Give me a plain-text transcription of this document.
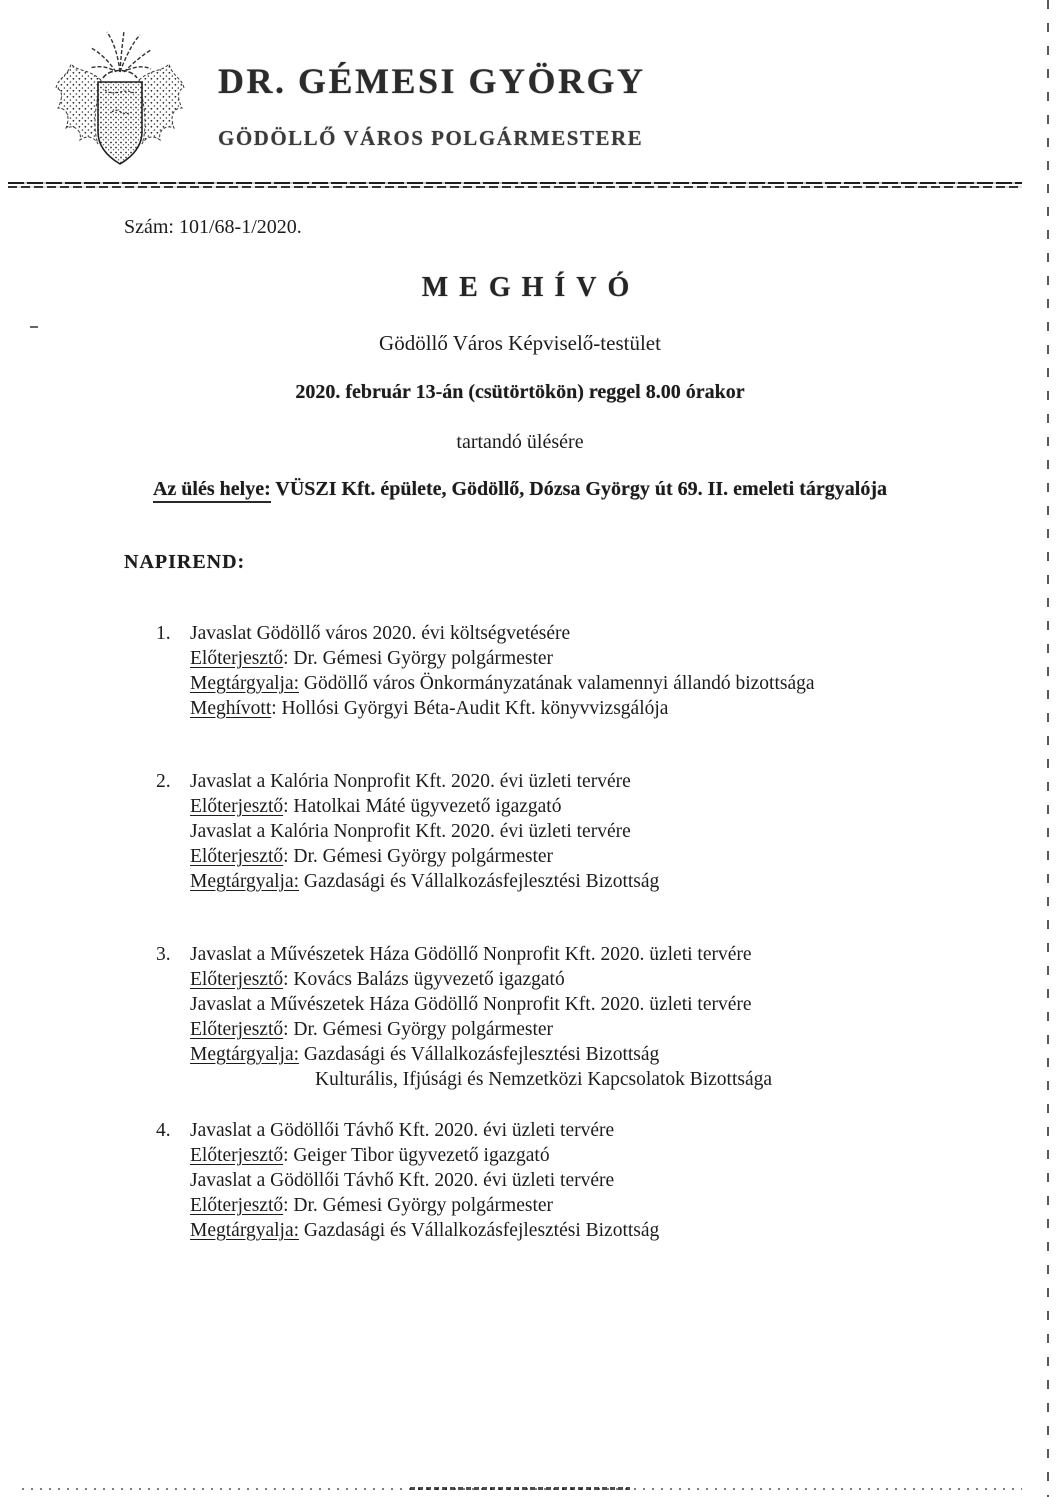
DR. GÉMESI GYÖRGY
GÖDÖLLŐ VÁROS POLGÁRMESTERE
Szám: 101/68-1/2020.
MEGHÍVÓ
Gödöllő Város Képviselő-testület
2020. február 13-án (csütörtökön) reggel 8.00 órakor
tartandó ülésére
Az ülés helye: VÜSZI Kft. épülete, Gödöllő, Dózsa György út 69. II. emeleti tárgyalója
NAPIREND:
1. Javaslat Gödöllő város 2020. évi költségvetésére
Előterjesztő: Dr. Gémesi György polgármester
Megtárgyalja: Gödöllő város Önkormányzatának valamennyi állandó bizottsága
Meghívott: Hollósi Györgyi Béta-Audit Kft. könyvvizsgálója
2. Javaslat a Kalória Nonprofit Kft. 2020. évi üzleti tervére
Előterjesztő: Hatolkai Máté ügyvezető igazgató
Javaslat a Kalória Nonprofit Kft. 2020. évi üzleti tervére
Előterjesztő: Dr. Gémesi György polgármester
Megtárgyalja: Gazdasági és Vállalkozásfejlesztési Bizottság
3. Javaslat a Művészetek Háza Gödöllő Nonprofit Kft. 2020. üzleti tervére
Előterjesztő: Kovács Balázs ügyvezető igazgató
Javaslat a Művészetek Háza Gödöllő Nonprofit Kft. 2020. üzleti tervére
Előterjesztő: Dr. Gémesi György polgármester
Megtárgyalja: Gazdasági és Vállalkozásfejlesztési Bizottság
Kulturális, Ifjúsági és Nemzetközi Kapcsolatok Bizottsága
4. Javaslat a Gödöllői Távhő Kft. 2020. évi üzleti tervére
Előterjesztő: Geiger Tibor ügyvezető igazgató
Javaslat a Gödöllői Távhő Kft. 2020. évi üzleti tervére
Előterjesztő: Dr. Gémesi György polgármester
Megtárgyalja: Gazdasági és Vállalkozásfejlesztési Bizottság
